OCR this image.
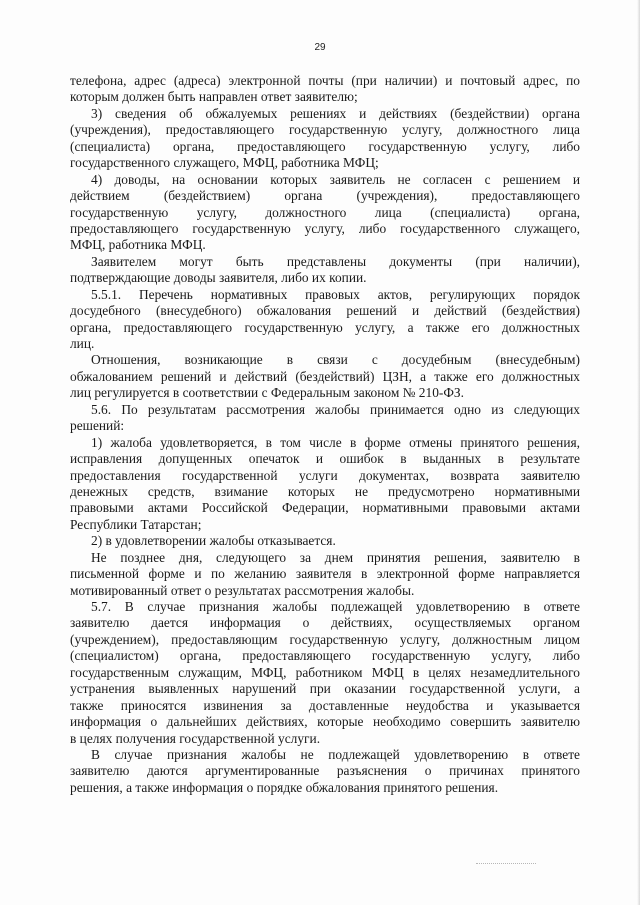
29
телефона, адрес (адреса) электронной почты (при наличии) и почтовый адрес, по
которым должен быть направлен ответ заявителю;
3) сведения об обжалуемых решениях и действиях (бездействии) органа
(учреждения), предоставляющего государственную услугу, должностного лица
(специалиста) органа, предоставляющего государственную услугу, либо
государственного служащего, МФЦ, работника МФЦ;
4) доводы, на основании которых заявитель не согласен с решением и
действием (бездействием) органа (учреждения), предоставляющего
государственную услугу, должностного лица (специалиста) органа,
предоставляющего государственную услугу, либо государственного служащего,
МФЦ, работника МФЦ.
Заявителем могут быть представлены документы (при наличии),
подтверждающие доводы заявителя, либо их копии.
5.5.1. Перечень нормативных правовых актов, регулирующих порядок
досудебного (внесудебного) обжалования решений и действий (бездействия)
органа, предоставляющего государственную услугу, а также его должностных
лиц.
Отношения, возникающие в связи с досудебным (внесудебным)
обжалованием решений и действий (бездействий) ЦЗН, а также его должностных
лиц регулируется в соответствии с Федеральным законом № 210-ФЗ.
5.6. По результатам рассмотрения жалобы принимается одно из следующих
решений:
1) жалоба удовлетворяется, в том числе в форме отмены принятого решения,
исправления допущенных опечаток и ошибок в выданных в результате
предоставления государственной услуги документах, возврата заявителю
денежных средств, взимание которых не предусмотрено нормативными
правовыми актами Российской Федерации, нормативными правовыми актами
Республики Татарстан;
2) в удовлетворении жалобы отказывается.
Не позднее дня, следующего за днем принятия решения, заявителю в
письменной форме и по желанию заявителя в электронной форме направляется
мотивированный ответ о результатах рассмотрения жалобы.
5.7. В случае признания жалобы подлежащей удовлетворению в ответе
заявителю дается информация о действиях, осуществляемых органом
(учреждением), предоставляющим государственную услугу, должностным лицом
(специалистом) органа, предоставляющего государственную услугу, либо
государственным служащим, МФЦ, работником МФЦ в целях незамедлительного
устранения выявленных нарушений при оказании государственной услуги, а
также приносятся извинения за доставленные неудобства и указывается
информация о дальнейших действиях, которые необходимо совершить заявителю
в целях получения государственной услуги.
В случае признания жалобы не подлежащей удовлетворению в ответе
заявителю даются аргументированные разъяснения о причинах принятого
решения, а также информация о порядке обжалования принятого решения.
